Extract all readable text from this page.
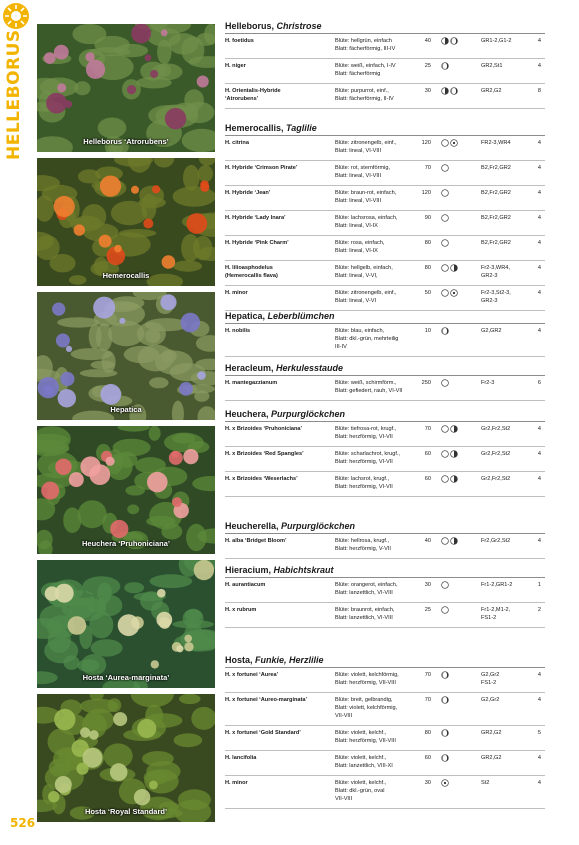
HELLEBORUS
526
Helleborus ‘Atrorubens’
Hemerocallis
Hepatica
Heuchera ‘Pruhoniciana’
Hosta ‘Aurea-marginata’
Hosta ‘Royal Standard’
Helleborus, Christrose
H. foetidus	Blüte: hellgrün, einfach
Blatt: fächerförmig, III-IV
40	GR1-2,G1-2	4
H. niger	Blüte: weiß, einfach, I-IV
Blatt: fächerförmig
25	GR2,St1	4
H. Orientalis-Hybride
‘Atrorubens’
Blüte: purpurrot, einf.,
Blatt: fächerförmig, II-IV
30	GR2,G2	8
Hemerocallis, Taglilie
H. citrina	Blüte: zitronengelb, einf.,
Blatt: lineal, VI-VIII
120	FR2-3,WR4	4
H. Hybride ‘Crimson Pirate’	Blüte: rot, sternförmig,
Blatt: lineal, VI-VIII
70	B2,Fr2,GR2	4
H. Hybride ‘Jean’	Blüte: braun-rot, einfach,
Blatt: lineal, VI-VIII
120	B2,Fr2,GR2	4
H. Hybride ‘Lady Inara’	Blüte: lachsrosa, einfach,
Blatt: lineal, VI-IX
90	B2,Fr2,GR2	4
H. Hybride ‘Pink Charm’	Blüte: rosa, einfach,
Blatt: lineal, VI-IX
80	B2,Fr2,GR2	4
H. lilioasphodelus
(Hemerocallis flava)
Blüte: hellgelb, einfach,
Blatt: lineal, V-VI,
80	Fr2-3,WR4,
GR2-3
4
H. minor	Blüte: zitronengelb, einf.,
Blatt: lineal, V-VI
50	Fr2-3,St2-3,
GR2-3
4
Hepatica, Leberblümchen
H. nobilis	Blüte: blau, einfach,
Blatt: dkl.-grün, mehrteilig
III-IV
10	G2,GR2	4
Heracleum, Herkulesstaude
H. mantegazzianum	Blüte: weiß, schirmförm.,
Blatt: gefiedert, rauh, VI-VII
250	Fr2-3	6
Heuchera, Purpurglöckchen
H. x Brizoides ‘Pruhoniciana’	Blüte: tiefrosa-rot, krugf.,
Blatt: herzförmig, VI-VII
70	Gr2,Fr2,St2	4
H. x Brizoides ‘Red Spangles’	Blüte: scharlachrot, krugf.,
Blatt: herzförmig, VI-VII
60	Gr2,Fr2,St2	4
H. x Brizoides ‘Weserlachs’	Blüte: lachsrot, krugf.,
Blatt: herzförmig, VI-VII
60	Gr2,Fr2,St2	4
Heucherella, Purpurglöckchen
H. alba ‘Bridget Bloom’	Blüte: hellrosa, krugf.,
Blatt: herzförmig, V-VII
40	Fr2,Gr2,St2	4
Hieracium, Habichtskraut
H. aurantiacum	Blüte: orangerot, einfach,
Blatt: lanzettlich, VI-VIII
30	Fr1-2,GR1-2	1
H. x rubrum	Blüte: braunrot, einfach,
Blatt: lanzettlich, VI-VIII
25	Fr1-2,M1-2,
FS1-2
2
Hosta, Funkie, Herzlilie
H. x fortunei ‘Aurea’	Blüte: violett, kelchförmig,
Blatt: herzförmig, VII-VIII
70	G2,Gr2
FS1-2
4
H. x fortunei ‘Aureo-marginata’	Blüte: breit, gelbrandig,
Blatt: violett, kelchförmig,
VII-VIII
70	G2,Gr2	4
H. x fortunei ‘Gold Standard’	Blüte: violett, kelchf.,
Blatt: herzförmig, VII-VIII
80	GR2,G2	5
H. lancifolia	Blüte: violett, kelchf.,
Blatt: lanzettlich, VIII-XI
60	GR2,G2	4
H. minor	Blüte: violett, kelchf.,
Blatt: dkl.-grün, oval
VII-VIII
30	St2	4
